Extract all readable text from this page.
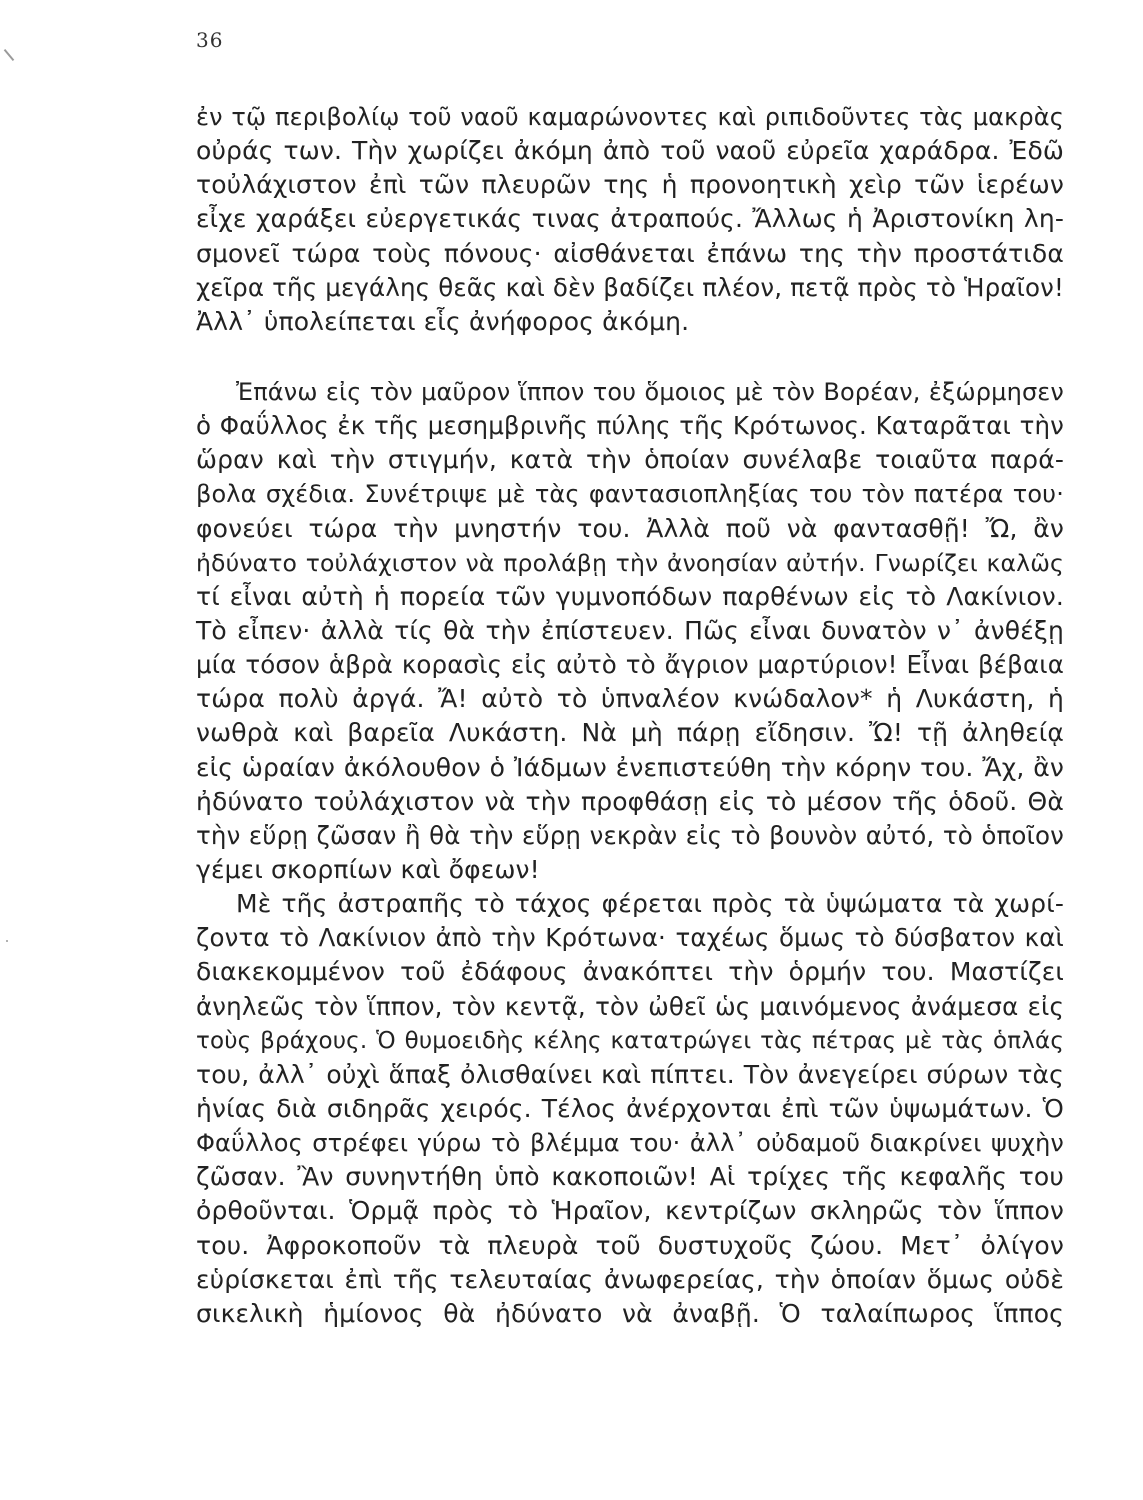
36
ἐν τῷ περιβολίῳ τοῦ ναοῦ καμαρώνοντες καὶ ριπιδοῦντες τὰς μακρὰς
οὐράς των. Τὴν χωρίζει ἀκόμη ἀπὸ τοῦ ναοῦ εὐρεῖα χαράδρα. Ἐδῶ
τοὐλάχιστον ἐπὶ τῶν πλευρῶν της ἡ προνοητικὴ χεὶρ τῶν ἱερέων
εἶχε χαράξει εὐεργετικάς τινας ἀτραπούς. Ἄλλως ἡ Ἀριστονίκη λη-
σμονεῖ τώρα τοὺς πόνους· αἰσθάνεται ἐπάνω της τὴν προστάτιδα
χεῖρα τῆς μεγάλης θεᾶς καὶ δὲν βαδίζει πλέον, πετᾷ πρὸς τὸ Ἡραῖον!
Ἀλλ᾽ ὑπολείπεται εἷς ἀνήφορος ἀκόμη.
Ἐπάνω εἰς τὸν μαῦρον ἵππον του ὅμοιος μὲ τὸν Βορέαν, ἐξώρμησεν
ὁ Φαΰλλος ἐκ τῆς μεσημβρινῆς πύλης τῆς Κρότωνος. Καταρᾶται τὴν
ὥραν καὶ τὴν στιγμήν, κατὰ τὴν ὁποίαν συνέλαβε τοιαῦτα παρά-
βολα σχέδια. Συνέτριψε μὲ τὰς φαντασιοπληξίας του τὸν πατέρα του·
φονεύει τώρα τὴν μνηστήν του. Ἀλλὰ ποῦ νὰ φαντασθῇ! Ὤ, ἂν
ἠδύνατο τοὐλάχιστον νὰ προλάβῃ τὴν ἀνοησίαν αὐτήν. Γνωρίζει καλῶς
τί εἶναι αὐτὴ ἡ πορεία τῶν γυμνοπόδων παρθένων εἰς τὸ Λακίνιον.
Τὸ εἶπεν· ἀλλὰ τίς θὰ τὴν ἐπίστευεν. Πῶς εἶναι δυνατὸν ν᾽ ἀνθέξῃ
μία τόσον ἁβρὰ κορασὶς εἰς αὐτὸ τὸ ἄγριον μαρτύριον! Εἶναι βέβαια
τώρα πολὺ ἀργά. Ἄ! αὐτὸ τὸ ὑπναλέον κνώδαλον* ἡ Λυκάστη, ἡ
νωθρὰ καὶ βαρεῖα Λυκάστη. Νὰ μὴ πάρῃ εἴδησιν. Ὤ! τῇ ἀληθείᾳ
εἰς ὡραίαν ἀκόλουθον ὁ Ἰάδμων ἐνεπιστεύθη τὴν κόρην του. Ἄχ, ἂν
ἠδύνατο τοὐλάχιστον νὰ τὴν προφθάσῃ εἰς τὸ μέσον τῆς ὁδοῦ. Θὰ
τὴν εὕρῃ ζῶσαν ἢ θὰ τὴν εὕρῃ νεκρὰν εἰς τὸ βουνὸν αὐτό, τὸ ὁποῖον
γέμει σκορπίων καὶ ὄφεων!
Μὲ τῆς ἀστραπῆς τὸ τάχος φέρεται πρὸς τὰ ὑψώματα τὰ χωρί-
ζοντα τὸ Λακίνιον ἀπὸ τὴν Κρότωνα· ταχέως ὅμως τὸ δύσβατον καὶ
διακεκομμένον τοῦ ἐδάφους ἀνακόπτει τὴν ὁρμήν του. Μαστίζει
ἀνηλεῶς τὸν ἵππον, τὸν κεντᾷ, τὸν ὠθεῖ ὡς μαινόμενος ἀνάμεσα εἰς
τοὺς βράχους. Ὁ θυμοειδὴς κέλης κατατρώγει τὰς πέτρας μὲ τὰς ὁπλάς
του, ἀλλ᾽ οὐχὶ ἅπαξ ὀλισθαίνει καὶ πίπτει. Τὸν ἀνεγείρει σύρων τὰς
ἡνίας διὰ σιδηρᾶς χειρός. Τέλος ἀνέρχονται ἐπὶ τῶν ὑψωμάτων. Ὁ
Φαΰλλος στρέφει γύρω τὸ βλέμμα του· ἀλλ᾽ οὐδαμοῦ διακρίνει ψυχὴν
ζῶσαν. Ἂν συνηντήθη ὑπὸ κακοποιῶν! Αἱ τρίχες τῆς κεφαλῆς του
ὀρθοῦνται. Ὁρμᾷ πρὸς τὸ Ἡραῖον, κεντρίζων σκληρῶς τὸν ἵππον
του. Ἀφροκοποῦν τὰ πλευρὰ τοῦ δυστυχοῦς ζώου. Μετ᾽ ὀλίγον
εὑρίσκεται ἐπὶ τῆς τελευταίας ἀνωφερείας, τὴν ὁποίαν ὅμως οὐδὲ
σικελικὴ ἡμίονος θὰ ἠδύνατο νὰ ἀναβῇ. Ὁ ταλαίπωρος ἵππος
